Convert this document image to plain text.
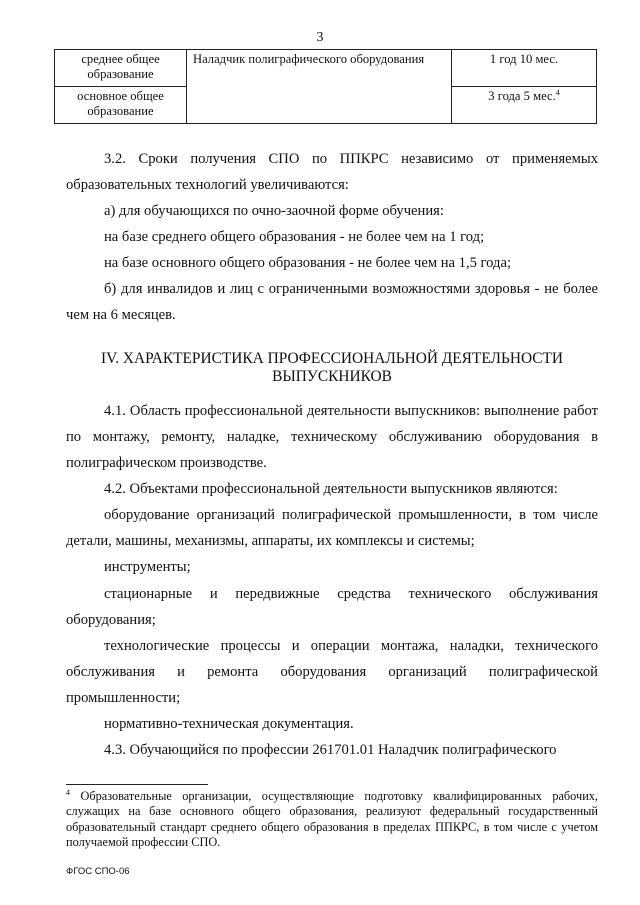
3
среднее общее образование	Наладчик полиграфического оборудования	1 год 10 мес.
основное общее образование		3 года 5 мес.$^4$

3.2. Сроки получения СПО по ППКРС независимо от применяемых образовательных технологий увеличиваются:

а) для обучающихся по очно-заочной форме обучения:

на базе среднего общего образования - не более чем на 1 год;

на базе основного общего образования - не более чем на 1,5 года;

б) для инвалидов и лиц с ограниченными возможностями здоровья - не более чем на 6 месяцев.

IV. ХАРАКТЕРИСТИКА ПРОФЕССИОНАЛЬНОЙ ДЕЯТЕЛЬНОСТИ
ВЫПУСКНИКОВ

4.1. Область профессиональной деятельности выпускников: выполнение работ по монтажу, ремонту, наладке, техническому обслуживанию оборудования в полиграфическом производстве.

4.2. Объектами профессиональной деятельности выпускников являются:

оборудование организаций полиграфической промышленности, в том числе детали, машины, механизмы, аппараты, их комплексы и системы;

инструменты;

стационарные и передвижные средства технического обслуживания оборудования;

технологические процессы и операции монтажа, наладки, технического обслуживания и ремонта оборудования организаций полиграфической промышленности;

нормативно-техническая документация.

4.3. Обучающийся по профессии 261701.01 Наладчик полиграфического

$^4$ Образовательные организации, осуществляющие подготовку квалифицированных рабочих, служащих на базе основного общего образования, реализуют федеральный государственный образовательный стандарт среднего общего образования в пределах ППКРС, в том числе с учетом получаемой профессии СПО.

ФГОС СПО-06
